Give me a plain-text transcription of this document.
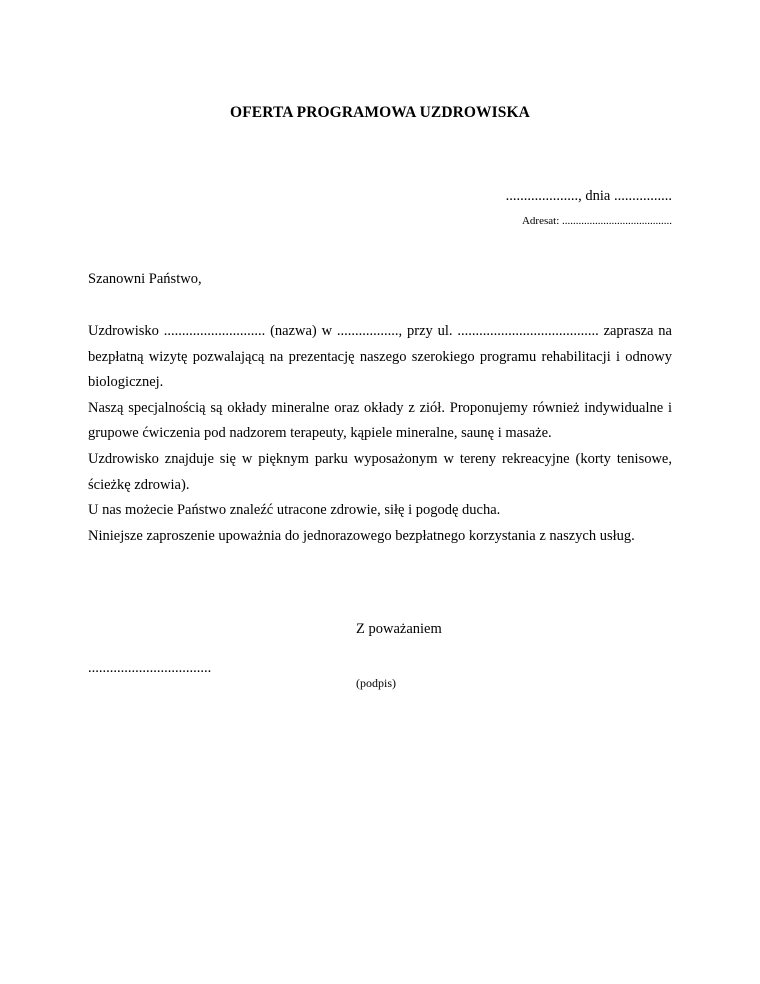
OFERTA PROGRAMOWA UZDROWISKA
...................., dnia ................
Adresat: ........................................
Szanowni Państwo,

Uzdrowisko ............................ (nazwa) w ................., przy ul. ....................................... zaprasza na bezpłatną wizytę pozwalającą na prezentację naszego szerokiego programu rehabilitacji i odnowy biologicznej.

Naszą specjalnością są okłady mineralne oraz okłady z ziół. Proponujemy również indywidualne i grupowe ćwiczenia pod nadzorem terapeuty, kąpiele mineralne, saunę i masaże.

Uzdrowisko znajduje się w pięknym parku wyposażonym w tereny rekreacyjne (korty tenisowe, ścieżkę zdrowia).

U nas możecie Państwo znaleźć utracone zdrowie, siłę i pogodę ducha.

Niniejsze zaproszenie upoważnia do jednorazowego bezpłatnego korzystania z naszych usług.

Z poważaniem
..................................
(podpis)
